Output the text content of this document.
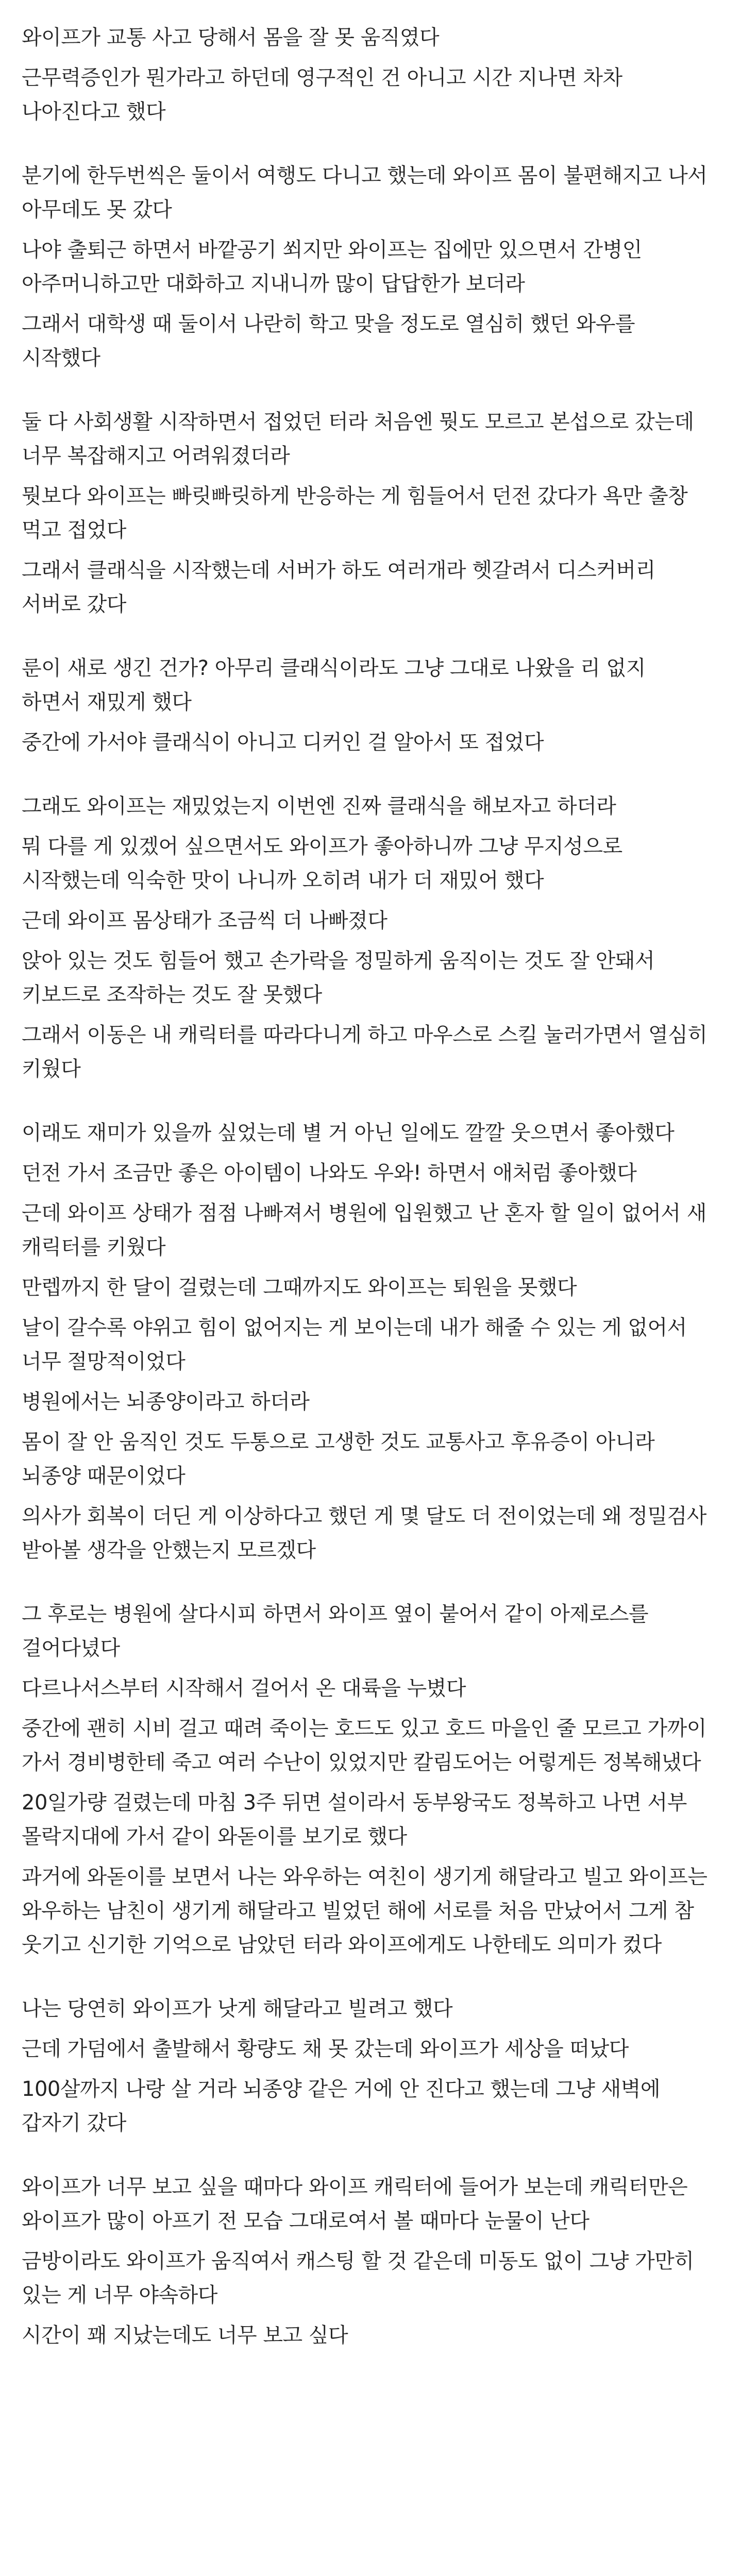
와이프가 교통 사고 당해서 몸을 잘 못 움직였다

근무력증인가 뭔가라고 하던데 영구적인 건 아니고 시간 지나면 차차 나아진다고 했다

분기에 한두번씩은 둘이서 여행도 다니고 했는데 와이프 몸이 불편해지고 나서 아무데도 못 갔다

나야 출퇴근 하면서 바깥공기 쐬지만 와이프는 집에만 있으면서 간병인 아주머니하고만 대화하고 지내니까 많이 답답한가 보더라

그래서 대학생 때 둘이서 나란히 학고 맞을 정도로 열심히 했던 와우를 시작했다

둘 다 사회생활 시작하면서 접었던 터라 처음엔 뭣도 모르고 본섭으로 갔는데 너무 복잡해지고 어려워졌더라

뭣보다 와이프는 빠릿빠릿하게 반응하는 게 힘들어서 던전 갔다가 욕만 출창 먹고 접었다

그래서 클래식을 시작했는데 서버가 하도 여러개라 헷갈려서 디스커버리 서버로 갔다

룬이 새로 생긴 건가? 아무리 클래식이라도 그냥 그대로 나왔을 리 없지 하면서 재밌게 했다

중간에 가서야 클래식이 아니고 디커인 걸 알아서 또 접었다

그래도 와이프는 재밌었는지 이번엔 진짜 클래식을 해보자고 하더라

뭐 다를 게 있겠어 싶으면서도 와이프가 좋아하니까 그냥 무지성으로 시작했는데 익숙한 맛이 나니까 오히려 내가 더 재밌어 했다

근데 와이프 몸상태가 조금씩 더 나빠졌다

앉아 있는 것도 힘들어 했고 손가락을 정밀하게 움직이는 것도 잘 안돼서 키보드로 조작하는 것도 잘 못했다

그래서 이동은 내 캐릭터를 따라다니게 하고 마우스로 스킬 눌러가면서 열심히 키웠다

이래도 재미가 있을까 싶었는데 별 거 아닌 일에도 깔깔 웃으면서 좋아했다

던전 가서 조금만 좋은 아이템이 나와도 우와! 하면서 애처럼 좋아했다

근데 와이프 상태가 점점 나빠져서 병원에 입원했고 난 혼자 할 일이 없어서 새 캐릭터를 키웠다

만렙까지 한 달이 걸렸는데 그때까지도 와이프는 퇴원을 못했다

날이 갈수록 야위고 힘이 없어지는 게 보이는데 내가 해줄 수 있는 게 없어서 너무 절망적이었다

병원에서는 뇌종양이라고 하더라

몸이 잘 안 움직인 것도 두통으로 고생한 것도 교통사고 후유증이 아니라 뇌종양 때문이었다

의사가 회복이 더딘 게 이상하다고 했던 게 몇 달도 더 전이었는데 왜 정밀검사 받아볼 생각을 안했는지 모르겠다

그 후로는 병원에 살다시피 하면서 와이프 옆이 붙어서 같이 아제로스를 걸어다녔다

다르나서스부터 시작해서 걸어서 온 대륙을 누볐다

중간에 괜히 시비 걸고 때려 죽이는 호드도 있고 호드 마을인 줄 모르고 가까이 가서 경비병한테 죽고 여러 수난이 있었지만 칼림도어는 어렇게든 정복해냈다

20일가량 걸렸는데 마침 3주 뒤면 설이라서 동부왕국도 정복하고 나면 서부 몰락지대에 가서 같이 와돋이를 보기로 했다

과거에 와돋이를 보면서 나는 와우하는 여친이 생기게 해달라고 빌고 와이프는 와우하는 남친이 생기게 해달라고 빌었던 해에 서로를 처음 만났어서 그게 참 웃기고 신기한 기억으로 남았던 터라 와이프에게도 나한테도 의미가 컸다

나는 당연히 와이프가 낫게 해달라고 빌려고 했다

근데 가덤에서 출발해서 황량도 채 못 갔는데 와이프가 세상을 떠났다

100살까지 나랑 살 거라 뇌종양 같은 거에 안 진다고 했는데 그냥 새벽에 갑자기 갔다

와이프가 너무 보고 싶을 때마다 와이프 캐릭터에 들어가 보는데 캐릭터만은 와이프가 많이 아프기 전 모습 그대로여서 볼 때마다 눈물이 난다

금방이라도 와이프가 움직여서 캐스팅 할 것 같은데 미동도 없이 그냥 가만히 있는 게 너무 야속하다

시간이 꽤 지났는데도 너무 보고 싶다
